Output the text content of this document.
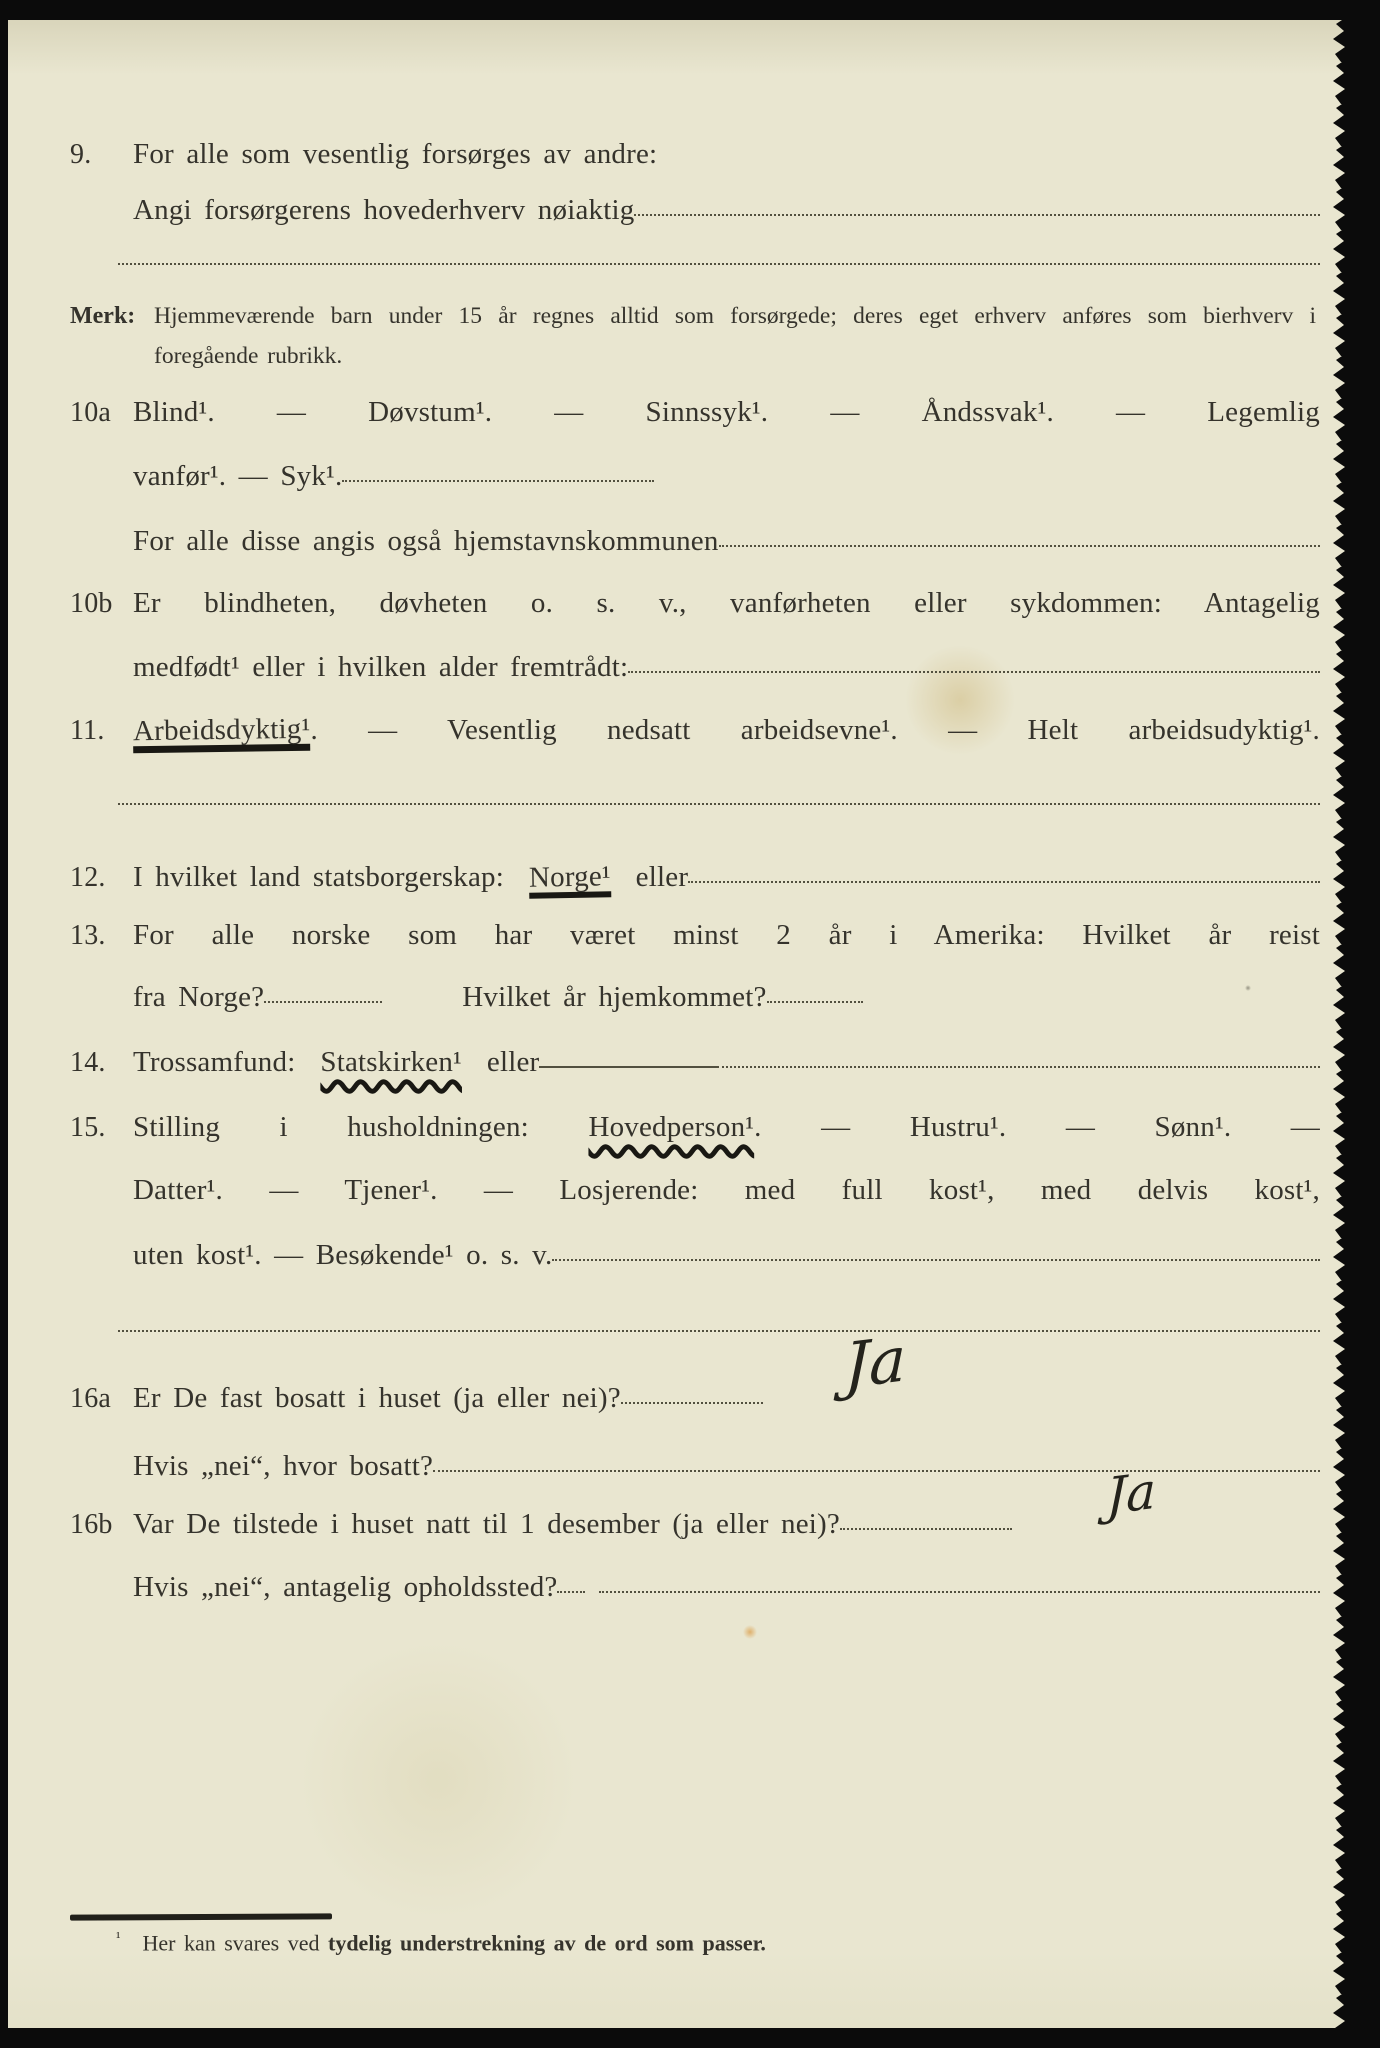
9.	For alle som vesentlig forsørges av andre:
Angi forsørgerens hovederhverv nøiaktig
Merk: Hjemmeværende barn under 15 år regnes alltid som forsørgede; deres eget erhverv anføres som bierhverv i foregående rubrikk.
10a Blind¹. — Døvstum¹. — Sinnssyk¹. — Åndssvak¹. — Legemlig
vanfør¹. — Syk¹.
For alle disse angis også hjemstavnskommunen
10b Er blindheten, døvheten o. s. v., vanførheten eller sykdommen: Antagelig
medfødt¹ eller i hvilken alder fremtrådt:
11. Arbeidsdyktig¹. — Vesentlig nedsatt arbeidsevne¹. — Helt arbeidsudyktig¹.
12. I hvilket land statsborgerskap: Norge¹ eller
13. For alle norske som har været minst 2 år i Amerika: Hvilket år reist
fra Norge?	Hvilket år hjemkommet?
14. Trossamfund: Statskirken¹ eller
15. Stilling i husholdningen: Hovedperson¹. — Hustru¹. — Sønn¹. —
Datter¹. — Tjener¹. — Losjerende: med full kost¹, med delvis kost¹,
uten kost¹. — Besøkende¹ o. s. v.
16a Er De fast bosatt i huset (ja eller nei)?	Ja
Hvis „nei“, hvor bosatt?
16b Var De tilstede i huset natt til 1 desember (ja eller nei)?	Ja
Hvis „nei“, antagelig opholdssted?
$^{^1}$ Her kan svares ved tydelig understrekning av de ord som passer.
